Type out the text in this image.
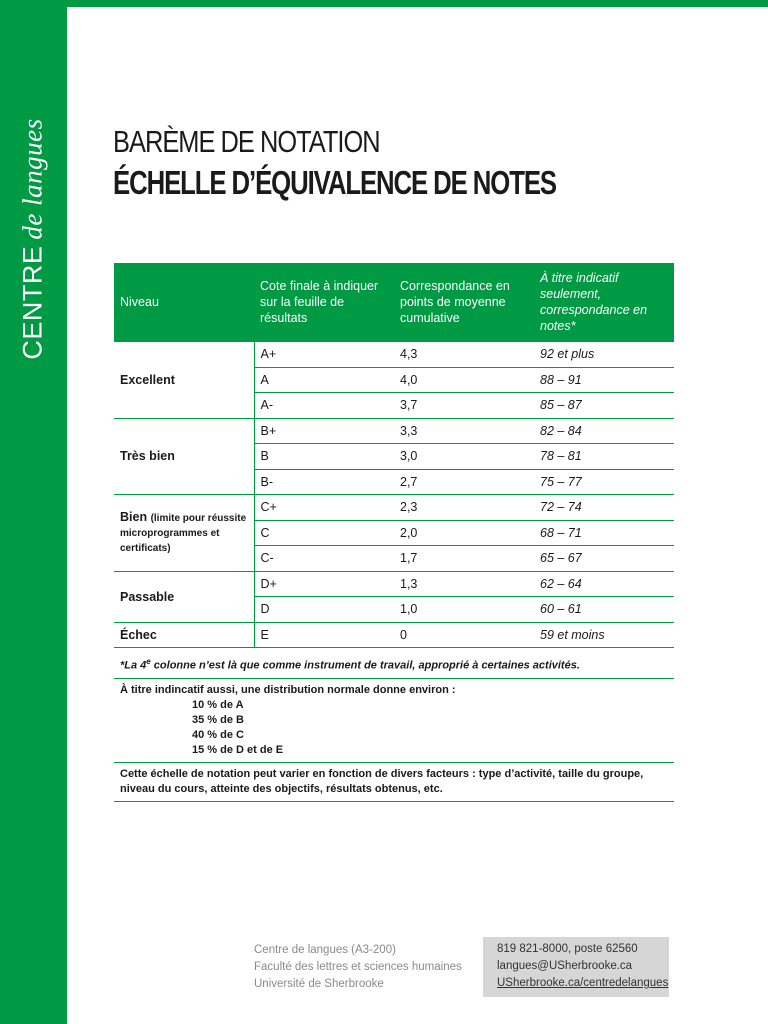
CENTREde langues BARÈME DE NOTATION
ÉCHELLE D’ÉQUIVALENCE DE NOTES
Niveau	Cote finale à indiquer sur la feuille de résultats	Correspondance en points de moyenne cumulative	À titre indicatif seulement, correspondance en notes*
Excellent	A+	4,3	92 et plus
	A	4,0	88 – 91
	A-	3,7	85 – 87
Très bien	B+	3,3	82 – 84
	B	3,0	78 – 81
	B-	2,7	75 – 77
Bien (limite pour réussite microprogrammes et certificats)	C+	2,3	72 – 74
	C	2,0	68 – 71
	C-	1,7	65 – 67
Passable	D+	1,3	62 – 64
	D	1,0	60 – 61
Échec	E	0	59 et moins
*La 4e colonne n’est là que comme instrument de travail, approprié à certaines activités.
À titre indincatif aussi, une distribution normale donne environ :
10 % de A
35 % de B
40 % de C
15 % de D et de E
Cette échelle de notation peut varier en fonction de divers facteurs : type d’activité, taille du groupe, niveau du cours, atteinte des objectifs, résultats obtenus, etc.
Centre de langues (A3-200)
Faculté des lettres et sciences humaines
Université de Sherbrooke
819 821-8000, poste 62560
langues@USherbrooke.ca
USherbrooke.ca/centredelangues
